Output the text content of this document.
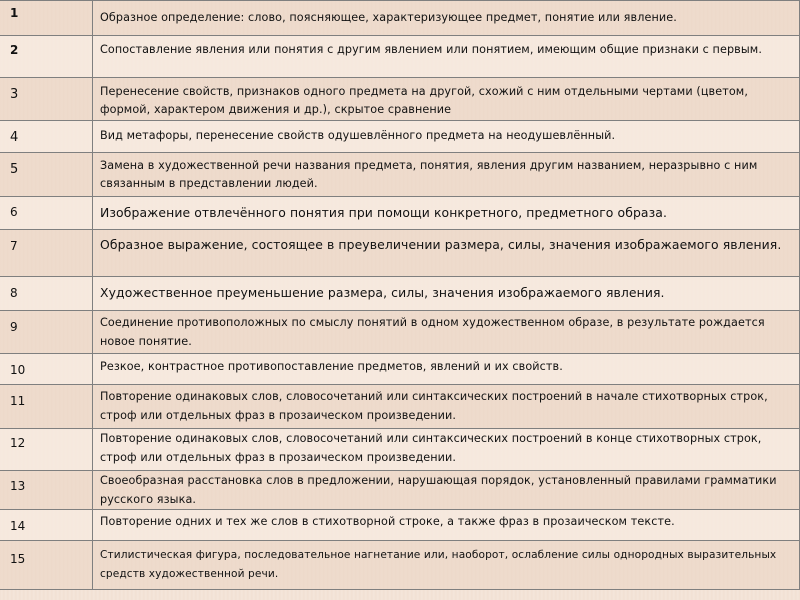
1	Образное определение: слово, поясняющее, характеризующее предмет, понятие или явление.
2	Сопоставление явления или понятия с другим явлением или понятием, имеющим общие признаки с первым.
3	Перенесение свойств, признаков одного предмета на другой, схожий с ним отдельными чертами (цветом, формой, характером движения и др.), скрытое сравнение
4	Вид метафоры, перенесение свойств одушевлённого предмета на неодушевлённый.
5	Замена в художественной речи названия предмета, понятия, явления другим названием, неразрывно с ним связанным в представлении людей.
6	Изображение отвлечённого понятия при помощи конкретного, предметного образа.
7	Образное выражение, состоящее в преувеличении размера, силы, значения изображаемого явления.
8	Художественное преуменьшение размера, силы, значения изображаемого явления.
9	Соединение противоположных по смыслу понятий в одном художественном образе, в результате рождается новое понятие.
10	Резкое, контрастное противопоставление предметов, явлений и их свойств.
11	Повторение одинаковых слов, словосочетаний или синтаксических построений в начале стихотворных строк, строф или отдельных фраз в прозаическом произведении.
12	Повторение одинаковых слов, словосочетаний или синтаксических построений в конце стихотворных строк, строф или отдельных фраз в прозаическом произведении.
13	Своеобразная расстановка слов в предложении, нарушающая порядок, установленный правилами грамматики русского языка.
14	Повторение одних и тех же слов в стихотворной строке, а также фраз в прозаическом тексте.
15	Стилистическая фигура, последовательное нагнетание или, наоборот, ослабление силы однородных выразительных средств художественной речи.
